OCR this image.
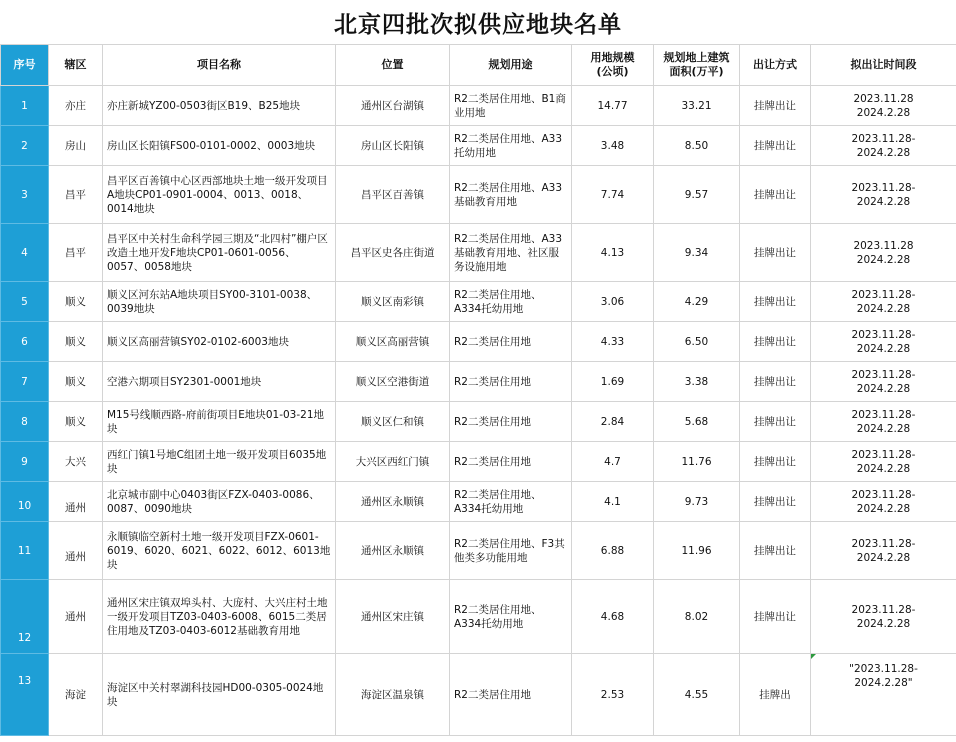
北京四批次拟供应地块名单
序号	辖区	项目名称	位置	规划用途	用地规模
(公顷)	规划地上建筑
面积(万平)	出让方式	拟出让时间段
1	亦庄	亦庄新城YZ00-0503街区B19、B25地块	通州区台湖镇	R2二类居住用地、B1商业用地	14.77	33.21	挂牌出让	2023.11.28
2024.2.28
2	房山	房山区长阳镇FS00-0101-0002、0003地块	房山区长阳镇	R2二类居住用地、A33托幼用地	3.48	8.50	挂牌出让	2023.11.28-
2024.2.28
3	昌平	昌平区百善镇中心区西部地块土地一级开发项目A地块CP01-0901-0004、0013、0018、0014地块	昌平区百善镇	R2二类居住用地、A33基础教育用地	7.74	9.57	挂牌出让	2023.11.28-
2024.2.28
4	昌平	昌平区中关村生命科学园三期及“北四村”棚户区改造土地开发F地块CP01-0601-0056、0057、0058地块	昌平区史各庄街道	R2二类居住用地、A33基础教育用地、社区服务设施用地	4.13	9.34	挂牌出让	2023.11.28
2024.2.28
5	顺义	顺义区河东站A地块项目SY00-3101-0038、0039地块	顺义区南彩镇	R2二类居住用地、A334托幼用地	3.06	4.29	挂牌出让	2023.11.28-
2024.2.28
6	顺义	顺义区高丽营镇SY02-0102-6003地块	顺义区高丽营镇	R2二类居住用地	4.33	6.50	挂牌出让	2023.11.28-
2024.2.28
7	顺义	空港六期项目SY2301-0001地块	顺义区空港街道	R2二类居住用地	1.69	3.38	挂牌出让	2023.11.28-
2024.2.28
8	顺义	M15号线顺西路-府前街项目E地块01-03-21地块	顺义区仁和镇	R2二类居住用地	2.84	5.68	挂牌出让	2023.11.28-
2024.2.28
9	大兴	西红门镇1号地C组团土地一级开发项目6035地块	大兴区西红门镇	R2二类居住用地	4.7	11.76	挂牌出让	2023.11.28-
2024.2.28
10	通州	北京城市副中心0403街区FZX-0403-0086、0087、0090地块	通州区永顺镇	R2二类居住用地、A334托幼用地	4.1	9.73	挂牌出让	2023.11.28-
2024.2.28
11	通州	永顺镇临空新村土地一级开发项目FZX-0601-6019、6020、6021、6022、6012、6013地块	通州区永顺镇	R2二类居住用地、F3其他类多功能用地	6.88	11.96	挂牌出让	2023.11.28-
2024.2.28
12	通州	通州区宋庄镇双埠头村、大庞村、大兴庄村土地一级开发项目TZ03-0403-6008、6015二类居住用地及TZ03-0403-6012基础教育用地	通州区宋庄镇	R2二类居住用地、A334托幼用地	4.68	8.02	挂牌出让	2023.11.28-
2024.2.28
13	海淀	海淀区中关村翠湖科技园HD00-0305-0024地块	海淀区温泉镇	R2二类居住用地	2.53	4.55	挂牌出	"2023.11.28-
2024.2.28"
